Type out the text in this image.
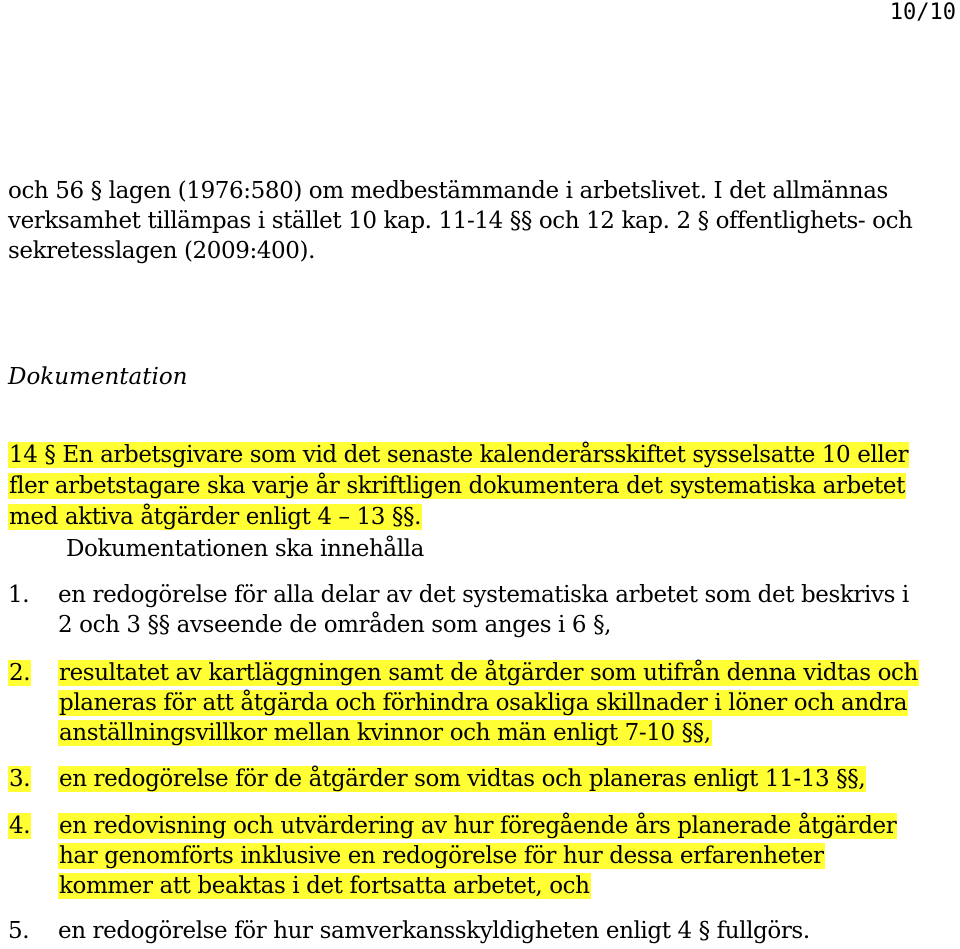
10/10
och 56 § lagen (1976:580) om medbestämmande i arbetslivet. I det allmännas
verksamhet tillämpas i stället 10 kap. 11-14 §§ och 12 kap. 2 § offentlighets- och
sekretesslagen (2009:400).
Dokumentation
14 § En arbetsgivare som vid det senaste kalenderårsskiftet sysselsatte 10 eller
fler arbetstagare ska varje år skriftligen dokumentera det systematiska arbetet
med aktiva åtgärder enligt 4 – 13 §§.
Dokumentationen ska innehålla
1.	en redogörelse för alla delar av det systematiska arbetet som det beskrivs i
2 och 3 §§ avseende de områden som anges i 6 §,
2.	resultatet av kartläggningen samt de åtgärder som utifrån denna vidtas och
planeras för att åtgärda och förhindra osakliga skillnader i löner och andra
anställningsvillkor mellan kvinnor och män enligt 7-10 §§,
3.	en redogörelse för de åtgärder som vidtas och planeras enligt 11-13 §§,
4.	en redovisning och utvärdering av hur föregående års planerade åtgärder
har genomförts inklusive en redogörelse för hur dessa erfarenheter
kommer att beaktas i det fortsatta arbetet, och
5.	en redogörelse för hur samverkansskyldigheten enligt 4 § fullgörs.
